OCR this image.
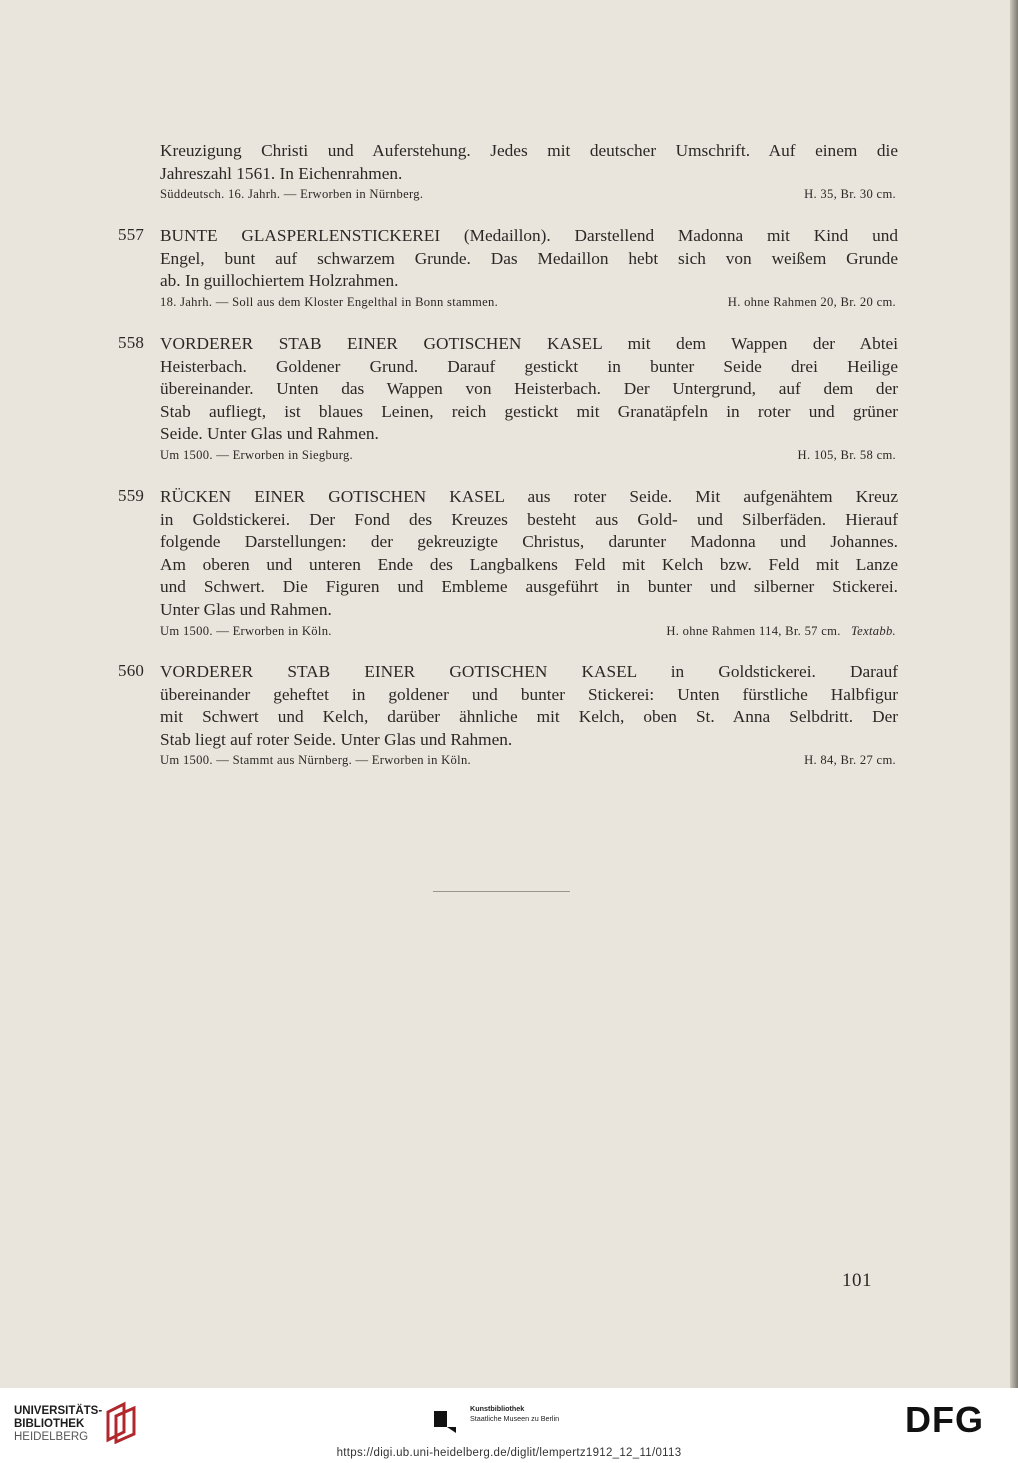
Kreuzigung Christi und Auferstehung. Jedes mit deutscher Umschrift. Auf einem die
Jahreszahl 1561. In Eichenrahmen.
Süddeutsch. 16. Jahrh. — Erworben in Nürnberg.	H. 35, Br. 30 cm.
557 BUNTE GLASPERLENSTICKEREI (Medaillon). Darstellend Madonna mit Kind und
Engel, bunt auf schwarzem Grunde. Das Medaillon hebt sich von weißem Grunde
ab. In guillochiertem Holzrahmen.
18. Jahrh. — Soll aus dem Kloster Engelthal in Bonn stammen.	H. ohne Rahmen 20, Br. 20 cm.
558 VORDERER STAB EINER GOTISCHEN KASEL mit dem Wappen der Abtei
Heisterbach. Goldener Grund. Darauf gestickt in bunter Seide drei Heilige
übereinander. Unten das Wappen von Heisterbach. Der Untergrund, auf dem der
Stab aufliegt, ist blaues Leinen, reich gestickt mit Granatäpfeln in roter und grüner
Seide. Unter Glas und Rahmen.
Um 1500. — Erworben in Siegburg.	H. 105, Br. 58 cm.
559 RÜCKEN EINER GOTISCHEN KASEL aus roter Seide. Mit aufgenähtem Kreuz
in Goldstickerei. Der Fond des Kreuzes besteht aus Gold- und Silberfäden. Hierauf
folgende Darstellungen: der gekreuzigte Christus, darunter Madonna und Johannes.
Am oberen und unteren Ende des Langbalkens Feld mit Kelch bzw. Feld mit Lanze
und Schwert. Die Figuren und Embleme ausgeführt in bunter und silberner Stickerei.
Unter Glas und Rahmen.
Um 1500. — Erworben in Köln.	H. ohne Rahmen 114, Br. 57 cm. Textabb.
560 VORDERER STAB EINER GOTISCHEN KASEL in Goldstickerei. Darauf
übereinander geheftet in goldener und bunter Stickerei: Unten fürstliche Halbfigur
mit Schwert und Kelch, darüber ähnliche mit Kelch, oben St. Anna Selbdritt. Der
Stab liegt auf roter Seide. Unter Glas und Rahmen.
Um 1500. — Stammt aus Nürnberg. — Erworben in Köln.	H. 84, Br. 27 cm.
101
UNIVERSITÄTS-
BIBLIOTHEK
HEIDELBERG
Kunstbibliothek
Staatliche Museen zu Berlin	DFG
https://digi.ub.uni-heidelberg.de/diglit/lempertz1912_12_11/0113
